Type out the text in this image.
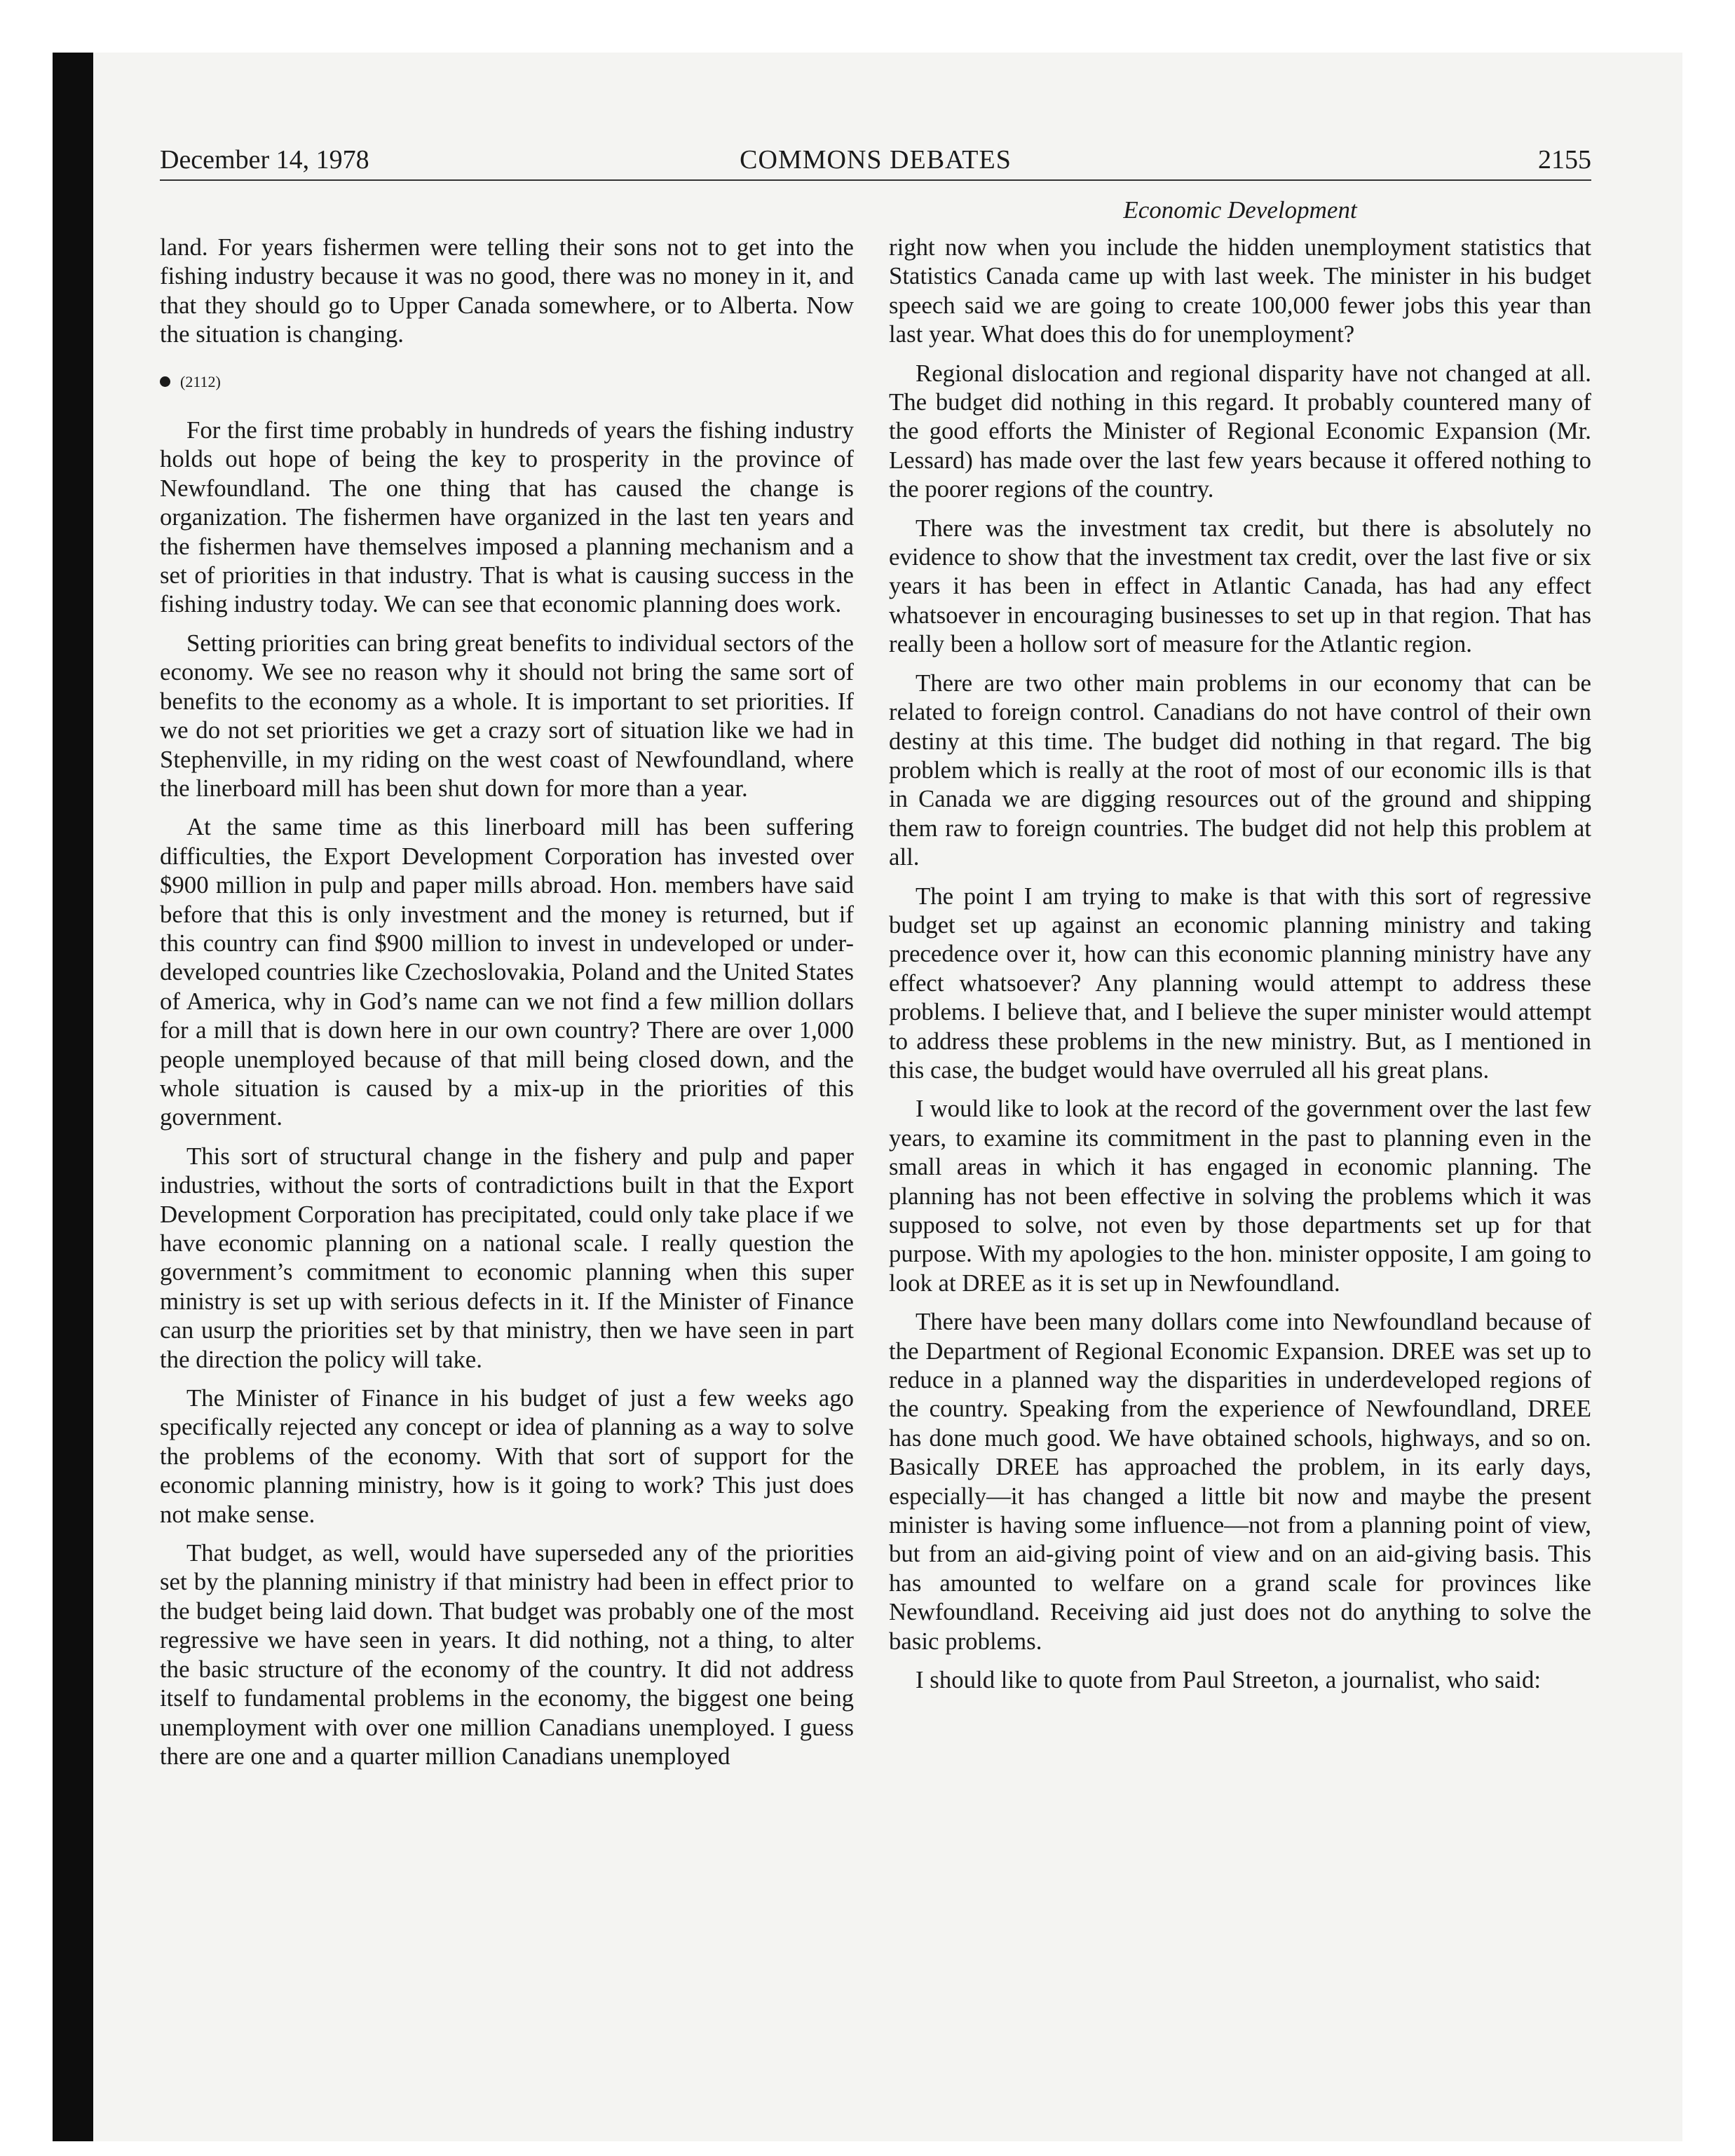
December 14, 1978	COMMONS DEBATES	2155
Economic Development

land. For years fishermen were telling their sons not to get into the fishing industry because it was no good, there was no money in it, and that they should go to Upper Canada somewhere, or to Alberta. Now the situation is changing.

(2112)

For the first time probably in hundreds of years the fishing industry holds out hope of being the key to prosperity in the province of Newfoundland. The one thing that has caused the change is organization. The fishermen have organized in the last ten years and the fishermen have themselves imposed a planning mechanism and a set of priorities in that industry. That is what is causing success in the fishing industry today. We can see that economic planning does work.

Setting priorities can bring great benefits to individual sectors of the economy. We see no reason why it should not bring the same sort of benefits to the economy as a whole. It is important to set priorities. If we do not set priorities we get a crazy sort of situation like we had in Stephenville, in my riding on the west coast of Newfoundland, where the linerboard mill has been shut down for more than a year.

At the same time as this linerboard mill has been suffering difficulties, the Export Development Corporation has invested over $900 million in pulp and paper mills abroad. Hon. members have said before that this is only investment and the money is returned, but if this country can find $900 million to invest in undeveloped or under-developed countries like Czechoslovakia, Poland and the United States of America, why in God’s name can we not find a few million dollars for a mill that is down here in our own country? There are over 1,000 people unemployed because of that mill being closed down, and the whole situation is caused by a mix-up in the priorities of this government.

This sort of structural change in the fishery and pulp and paper industries, without the sorts of contradictions built in that the Export Development Corporation has precipitated, could only take place if we have economic planning on a national scale. I really question the government’s commitment to economic planning when this super ministry is set up with serious defects in it. If the Minister of Finance can usurp the priorities set by that ministry, then we have seen in part the direction the policy will take.

The Minister of Finance in his budget of just a few weeks ago specifically rejected any concept or idea of planning as a way to solve the problems of the economy. With that sort of support for the economic planning ministry, how is it going to work? This just does not make sense.

That budget, as well, would have superseded any of the priorities set by the planning ministry if that ministry had been in effect prior to the budget being laid down. That budget was probably one of the most regressive we have seen in years. It did nothing, not a thing, to alter the basic structure of the economy of the country. It did not address itself to fundamental problems in the economy, the biggest one being unemployment with over one million Canadians unemployed. I guess there are one and a quarter million Canadians unemployed

right now when you include the hidden unemployment statistics that Statistics Canada came up with last week. The minister in his budget speech said we are going to create 100,000 fewer jobs this year than last year. What does this do for unemployment?

Regional dislocation and regional disparity have not changed at all. The budget did nothing in this regard. It probably countered many of the good efforts the Minister of Regional Economic Expansion (Mr. Lessard) has made over the last few years because it offered nothing to the poorer regions of the country.

There was the investment tax credit, but there is absolutely no evidence to show that the investment tax credit, over the last five or six years it has been in effect in Atlantic Canada, has had any effect whatsoever in encouraging businesses to set up in that region. That has really been a hollow sort of measure for the Atlantic region.

There are two other main problems in our economy that can be related to foreign control. Canadians do not have control of their own destiny at this time. The budget did nothing in that regard. The big problem which is really at the root of most of our economic ills is that in Canada we are digging resources out of the ground and shipping them raw to foreign countries. The budget did not help this problem at all.

The point I am trying to make is that with this sort of regressive budget set up against an economic planning ministry and taking precedence over it, how can this economic planning ministry have any effect whatsoever? Any planning would attempt to address these problems. I believe that, and I believe the super minister would attempt to address these problems in the new ministry. But, as I mentioned in this case, the budget would have overruled all his great plans.

I would like to look at the record of the government over the last few years, to examine its commitment in the past to planning even in the small areas in which it has engaged in economic planning. The planning has not been effective in solving the problems which it was supposed to solve, not even by those departments set up for that purpose. With my apologies to the hon. minister opposite, I am going to look at DREE as it is set up in Newfoundland.

There have been many dollars come into Newfoundland because of the Department of Regional Economic Expansion. DREE was set up to reduce in a planned way the disparities in underdeveloped regions of the country. Speaking from the experience of Newfoundland, DREE has done much good. We have obtained schools, highways, and so on. Basically DREE has approached the problem, in its early days, especially—it has changed a little bit now and maybe the present minister is having some influence—not from a planning point of view, but from an aid-giving point of view and on an aid-giving basis. This has amounted to welfare on a grand scale for provinces like Newfoundland. Receiving aid just does not do anything to solve the basic problems.

I should like to quote from Paul Streeton, a journalist, who said:
